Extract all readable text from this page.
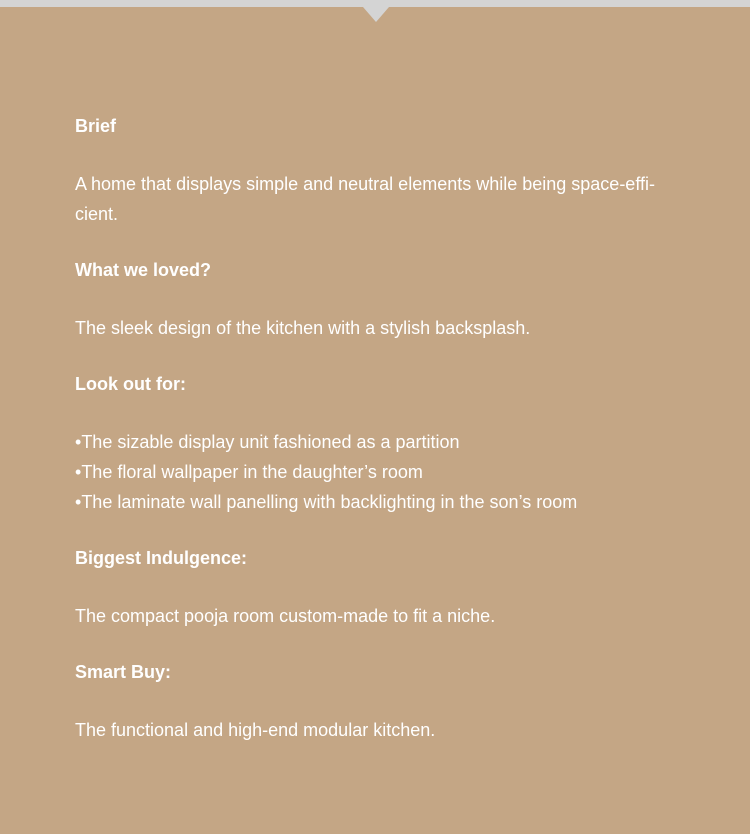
Brief
A home that displays simple and neutral elements while being space-effi-cient.
What we loved?
The sleek design of the kitchen with a stylish backsplash.
Look out for:
• The sizable display unit fashioned as a partition
• The floral wallpaper in the daughter’s room
• The laminate wall panelling with backlighting in the son’s room
Biggest Indulgence:
The compact pooja room custom-made to fit a niche.
Smart Buy:
The functional and high-end modular kitchen.
